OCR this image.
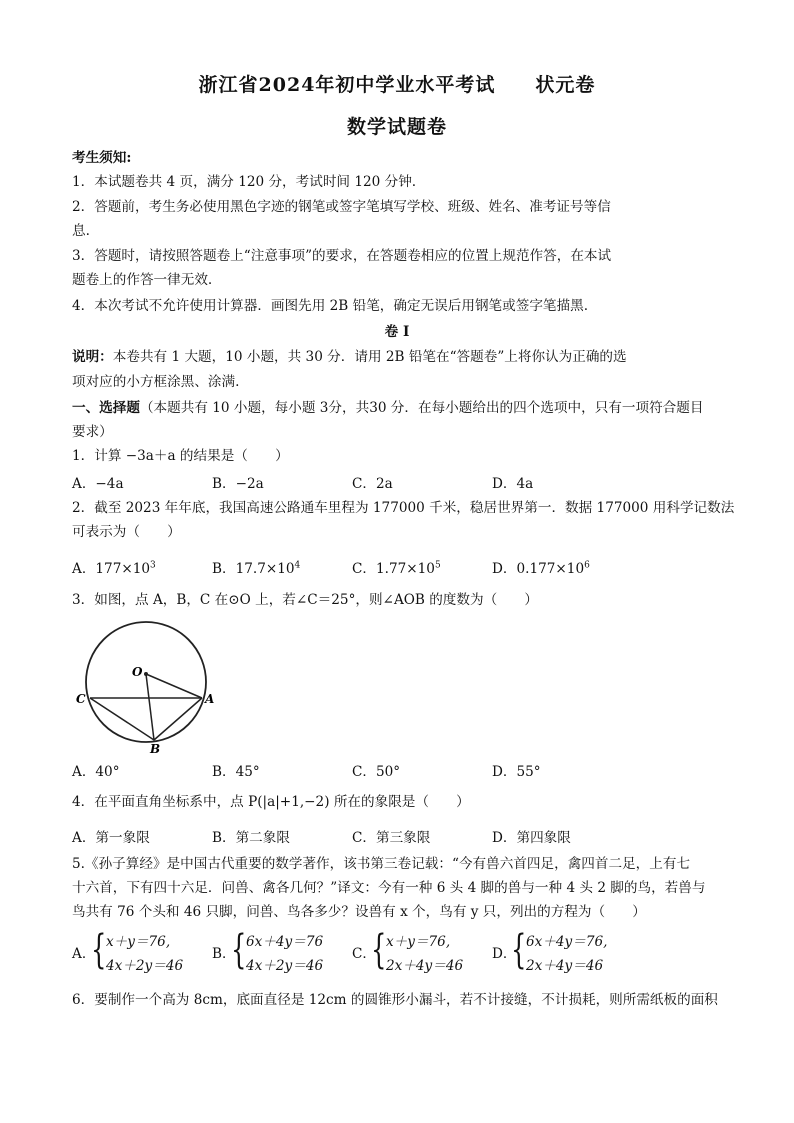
浙江省2024年初中学业水平考试　　状元卷
数学试题卷
考生须知:
1．本试题卷共 4 页，满分 120 分，考试时间 120 分钟.
2．答题前，考生务必使用黑色字迹的钢笔或签字笔填写学校、班级、姓名、准考证号等信
息.
3．答题时，请按照答题卷上“注意事项”的要求，在答题卷相应的位置上规范作答，在本试
题卷上的作答一律无效.
4．本次考试不允许使用计算器．画图先用 2B 铅笔，确定无误后用钢笔或签字笔描黑.
卷 I
说明：本卷共有 1 大题，10 小题，共 30 分．请用 2B 铅笔在“答题卷”上将你认为正确的选
项对应的小方框涂黑、涂满.
一、选择题（本题共有 10 小题，每小题 3分，共30 分．在每小题给出的四个选项中，只有一项符合题目
要求）
1．计算 −3a＋a 的结果是（　　）
A．−4a	B．−2a	C．2a	D．4a
2．截至 2023 年年底，我国高速公路通车里程为 177000 千米，稳居世界第一．数据 177000 用科学记数法
可表示为（　　）
A．$177\times 10^3$	B．$17.7\times 10^4$	C．$1.77\times 10^5$	D．$0.177\times 10^6$
3．如图，点 A，B，C 在⊙O 上，若∠C＝25°，则∠AOB 的度数为（　　）
O
C	A
B
A．40°	B．45°	C．50°	D．55°
4．在平面直角坐标系中，点 P(|a|+1,−2) 所在的象限是（　　）
A．第一象限	B．第二象限	C．第三象限	D．第四象限
5.《孙子算经》是中国古代重要的数学著作，该书第三卷记载：“今有兽六首四足，禽四首二足，上有七
十六首，下有四十六足．问兽、禽各几何？”译文：今有一种 6 头 4 脚的兽与一种 4 头 2 脚的鸟，若兽与
鸟共有 76 个头和 46 只脚，问兽、鸟各多少？设兽有 x 个，鸟有 y 只，列出的方程为（　　）
A．
{ x＋y＝76,
4x＋2y＝46
B．
{ 6x＋4y＝76
4x＋2y＝46
C．
{ x＋y＝76,
2x＋4y＝46
D．
{ 6x＋4y＝76,
2x＋4y＝46
6．要制作一个高为 8cm，底面直径是 12cm 的圆锥形小漏斗，若不计接缝，不计损耗，则所需纸板的面积
